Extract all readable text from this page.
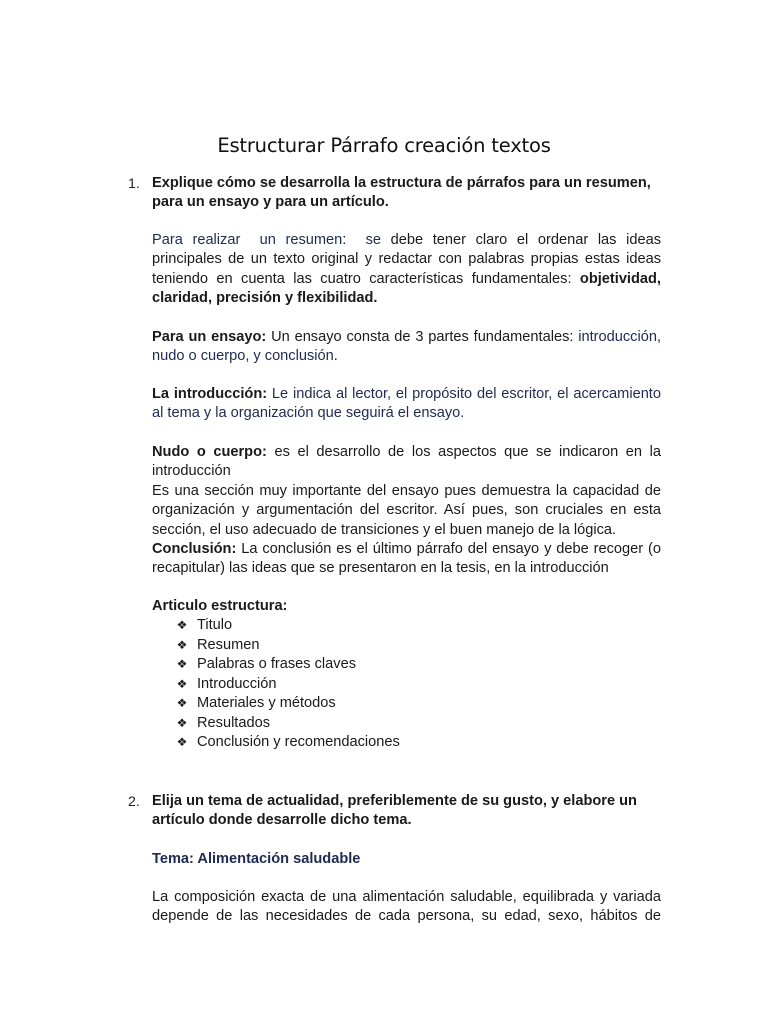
Estructurar Párrafo creación textos
1. Explique cómo se desarrolla la estructura de párrafos para un resumen, para un ensayo y para un artículo.
Para realizar un resumen: se debe tener claro el ordenar las ideas principales de un texto original y redactar con palabras propias estas ideas teniendo en cuenta las cuatro características fundamentales: objetividad, claridad, precisión y flexibilidad.
Para un ensayo: Un ensayo consta de 3 partes fundamentales: introducción, nudo o cuerpo, y conclusión.
La introducción: Le indica al lector, el propósito del escritor, el acercamiento al tema y la organización que seguirá el ensayo.
Nudo o cuerpo: es el desarrollo de los aspectos que se indicaron en la introducción
Es una sección muy importante del ensayo pues demuestra la capacidad de organización y argumentación del escritor. Así pues, son cruciales en esta sección, el uso adecuado de transiciones y el buen manejo de la lógica.
Conclusión: La conclusión es el último párrafo del ensayo y debe recoger (o recapitular) las ideas que se presentaron en la tesis, en la introducción
Articulo estructura:
❖ Titulo
❖ Resumen
❖ Palabras o frases claves
❖ Introducción
❖ Materiales y métodos
❖ Resultados
❖ Conclusión y recomendaciones
2. Elija un tema de actualidad, preferiblemente de su gusto, y elabore un artículo donde desarrolle dicho tema.
Tema: Alimentación saludable
La composición exacta de una alimentación saludable, equilibrada y variada depende de las necesidades de cada persona, su edad, sexo, hábitos de
